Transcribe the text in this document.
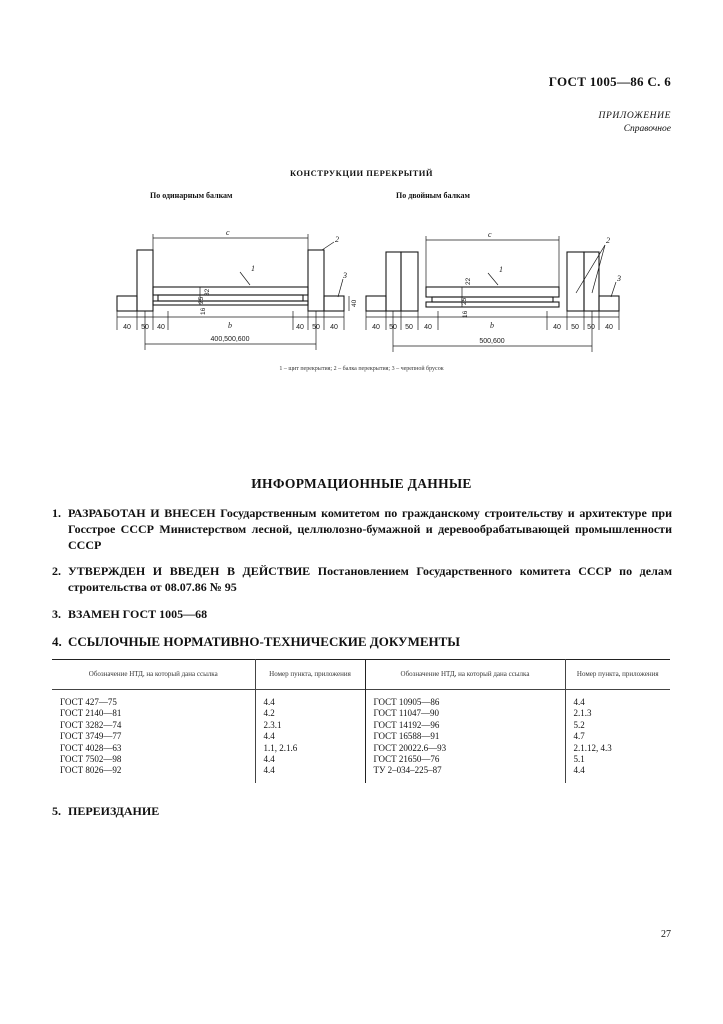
ГОСТ 1005—86 С. 6
ПРИЛОЖЕНИЕ
Справочное
КОНСТРУКЦИИ ПЕРЕКРЫТИЙ
По одинарным балкам	По двойным балкам
с	с
b	b
1
2
3
1
2
3
40 50 40	40 50 40	40 50 50 40	40 50 50 40
400,500,600	500,600
40
32
25
16
22
25
16
1 – щит перекрытия; 2 – балка перекрытия; 3 – черепной брусок
ИНФОРМАЦИОННЫЕ ДАННЫЕ
1. РАЗРАБОТАН И ВНЕСЕН Государственным комитетом по гражданскому строительству и архитектуре при Госстрое СССР Министерством лесной, целлюлозно-бумажной и деревообрабатывающей промышленности СССР
2. УТВЕРЖДЕН И ВВЕДЕН В ДЕЙСТВИЕ Постановлением Государственного комитета СССР по делам строительства от 08.07.86 № 95
3. ВЗАМЕН ГОСТ 1005—68
4. ССЫЛОЧНЫЕ НОРМАТИВНО-ТЕХНИЧЕСКИЕ ДОКУМЕНТЫ
Обозначение НТД, на который дана ссылка	Номер пункта, приложения	Обозначение НТД, на который дана ссылка	Номер пункта, приложения
ГОСТ 427—75	4.4	ГОСТ 10905—86	4.4
ГОСТ 2140—81	4.2	ГОСТ 11047—90	2.1.3
ГОСТ 3282—74	2.3.1	ГОСТ 14192—96	5.2
ГОСТ 3749—77	4.4	ГОСТ 16588—91	4.7
ГОСТ 4028—63	1.1, 2.1.6	ГОСТ 20022.6—93	2.1.12, 4.3
ГОСТ 7502—98	4.4	ГОСТ 21650—76	5.1
ГОСТ 8026—92	4.4	ТУ 2–034–225–87	4.4
5. ПЕРЕИЗДАНИЕ
27
